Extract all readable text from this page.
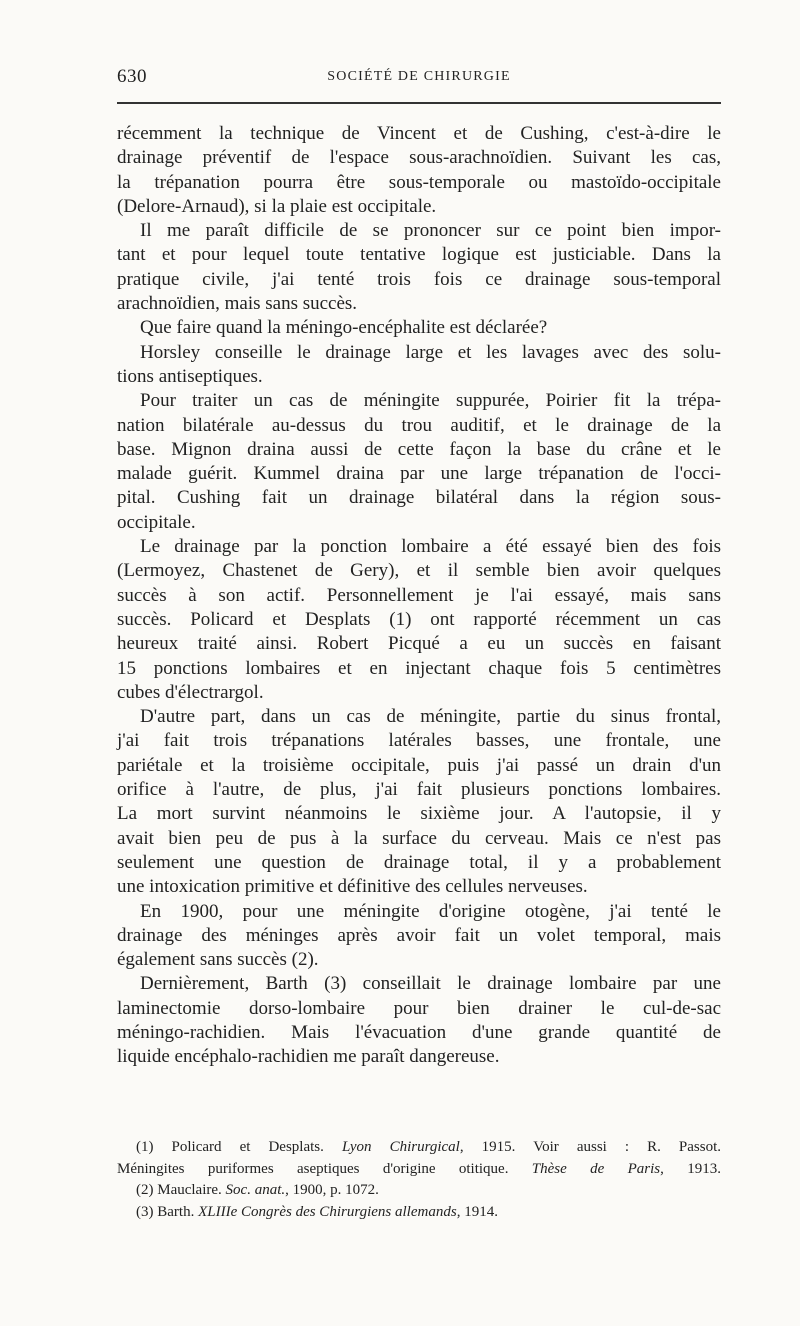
630	SOCIÉTÉ DE CHIRURGIE
récemment la technique de Vincent et de Cushing, c'est-à-dire le
drainage préventif de l'espace sous-arachnoïdien. Suivant les cas,
la trépanation pourra être sous-temporale ou mastoïdo-occipitale
(Delore-Arnaud), si la plaie est occipitale.
Il me paraît difficile de se prononcer sur ce point bien impor-
tant et pour lequel toute tentative logique est justiciable. Dans la
pratique civile, j'ai tenté trois fois ce drainage sous-temporal
arachnoïdien, mais sans succès.
Que faire quand la méningo-encéphalite est déclarée?
Horsley conseille le drainage large et les lavages avec des solu-
tions antiseptiques.
Pour traiter un cas de méningite suppurée, Poirier fit la trépa-
nation bilatérale au-dessus du trou auditif, et le drainage de la
base. Mignon draina aussi de cette façon la base du crâne et le
malade guérit. Kummel draina par une large trépanation de l'occi-
pital. Cushing fait un drainage bilatéral dans la région sous-
occipitale.
Le drainage par la ponction lombaire a été essayé bien des fois
(Lermoyez, Chastenet de Gery), et il semble bien avoir quelques
succès à son actif. Personnellement je l'ai essayé, mais sans
succès. Policard et Desplats (1) ont rapporté récemment un cas
heureux traité ainsi. Robert Picqué a eu un succès en faisant
15 ponctions lombaires et en injectant chaque fois 5 centimètres
cubes d'électrargol.
D'autre part, dans un cas de méningite, partie du sinus frontal,
j'ai fait trois trépanations latérales basses, une frontale, une
pariétale et la troisième occipitale, puis j'ai passé un drain d'un
orifice à l'autre, de plus, j'ai fait plusieurs ponctions lombaires.
La mort survint néanmoins le sixième jour. A l'autopsie, il y
avait bien peu de pus à la surface du cerveau. Mais ce n'est pas
seulement une question de drainage total, il y a probablement
une intoxication primitive et définitive des cellules nerveuses.
En 1900, pour une méningite d'origine otogène, j'ai tenté le
drainage des méninges après avoir fait un volet temporal, mais
également sans succès (2).
Dernièrement, Barth (3) conseillait le drainage lombaire par une
laminectomie dorso-lombaire pour bien drainer le cul-de-sac
méningo-rachidien. Mais l'évacuation d'une grande quantité de
liquide encéphalo-rachidien me paraît dangereuse.
(1) Policard et Desplats. Lyon Chirurgical, 1915. Voir aussi : R. Passot.
Méningites puriformes aseptiques d'origine otitique. Thèse de Paris, 1913.
(2) Mauclaire. Soc. anat., 1900, p. 1072.
(3) Barth. XLIIIe Congrès des Chirurgiens allemands, 1914.
